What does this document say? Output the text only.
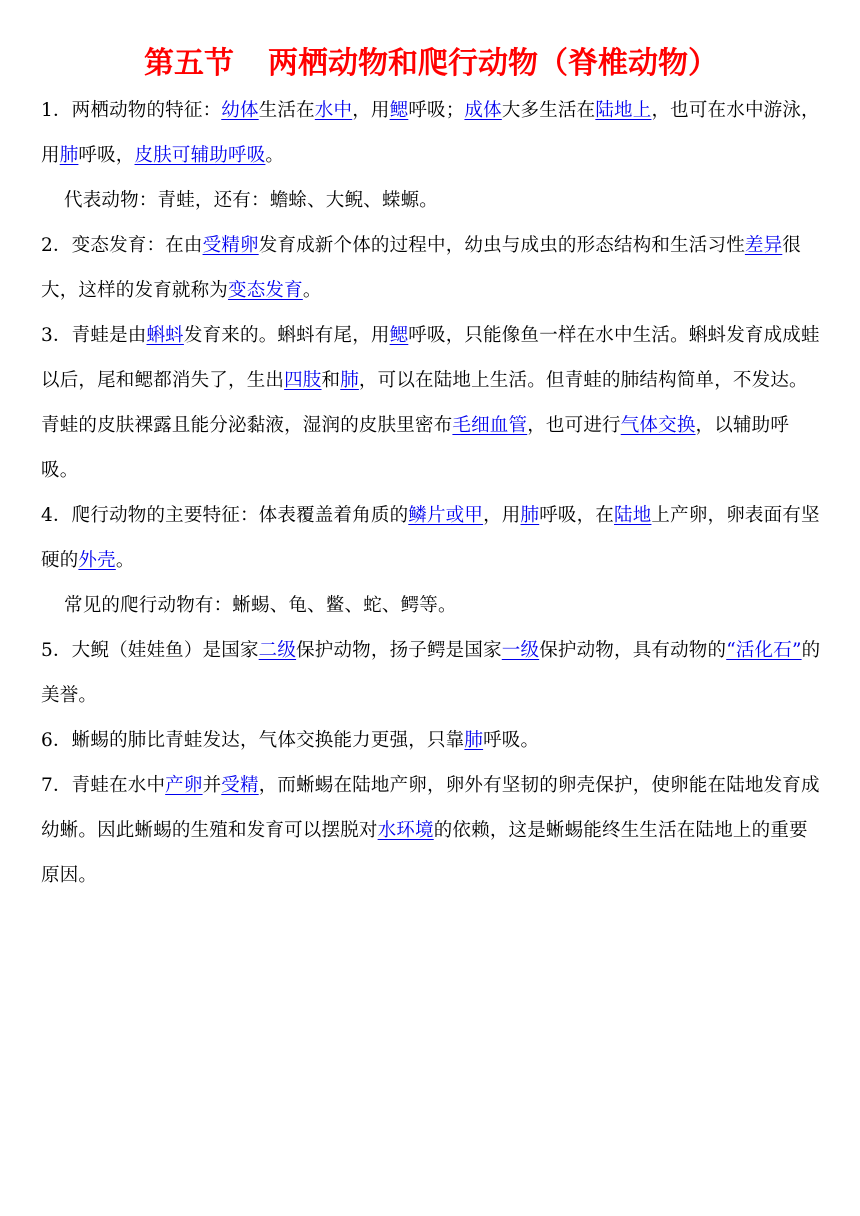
第五节 两栖动物和爬行动物（脊椎动物）

1．两栖动物的特征：幼体生活在水中，用鳃呼吸；成体大多生活在陆地上，也可在水中游泳，用肺呼吸，皮肤可辅助呼吸。

代表动物：青蛙，还有：蟾蜍、大鲵、蝾螈。

2．变态发育：在由受精卵发育成新个体的过程中，幼虫与成虫的形态结构和生活习性差异很大，这样的发育就称为变态发育。

3．青蛙是由蝌蚪发育来的。蝌蚪有尾，用鳃呼吸，只能像鱼一样在水中生活。蝌蚪发育成成蛙以后，尾和鳃都消失了，生出四肢和肺，可以在陆地上生活。但青蛙的肺结构简单，不发达。青蛙的皮肤裸露且能分泌黏液，湿润的皮肤里密布毛细血管，也可进行气体交换，以辅助呼吸。

4．爬行动物的主要特征：体表覆盖着角质的鳞片或甲，用肺呼吸，在陆地上产卵，卵表面有坚硬的外壳。

常见的爬行动物有：蜥蜴、龟、鳖、蛇、鳄等。

5．大鲵（娃娃鱼）是国家二级保护动物，扬子鳄是国家一级保护动物，具有动物的“活化石”的美誉。

6．蜥蜴的肺比青蛙发达，气体交换能力更强，只靠肺呼吸。

7．青蛙在水中产卵并受精，而蜥蜴在陆地产卵，卵外有坚韧的卵壳保护，使卵能在陆地发育成幼蜥。因此蜥蜴的生殖和发育可以摆脱对水环境的依赖，这是蜥蜴能终生生活在陆地上的重要原因。
